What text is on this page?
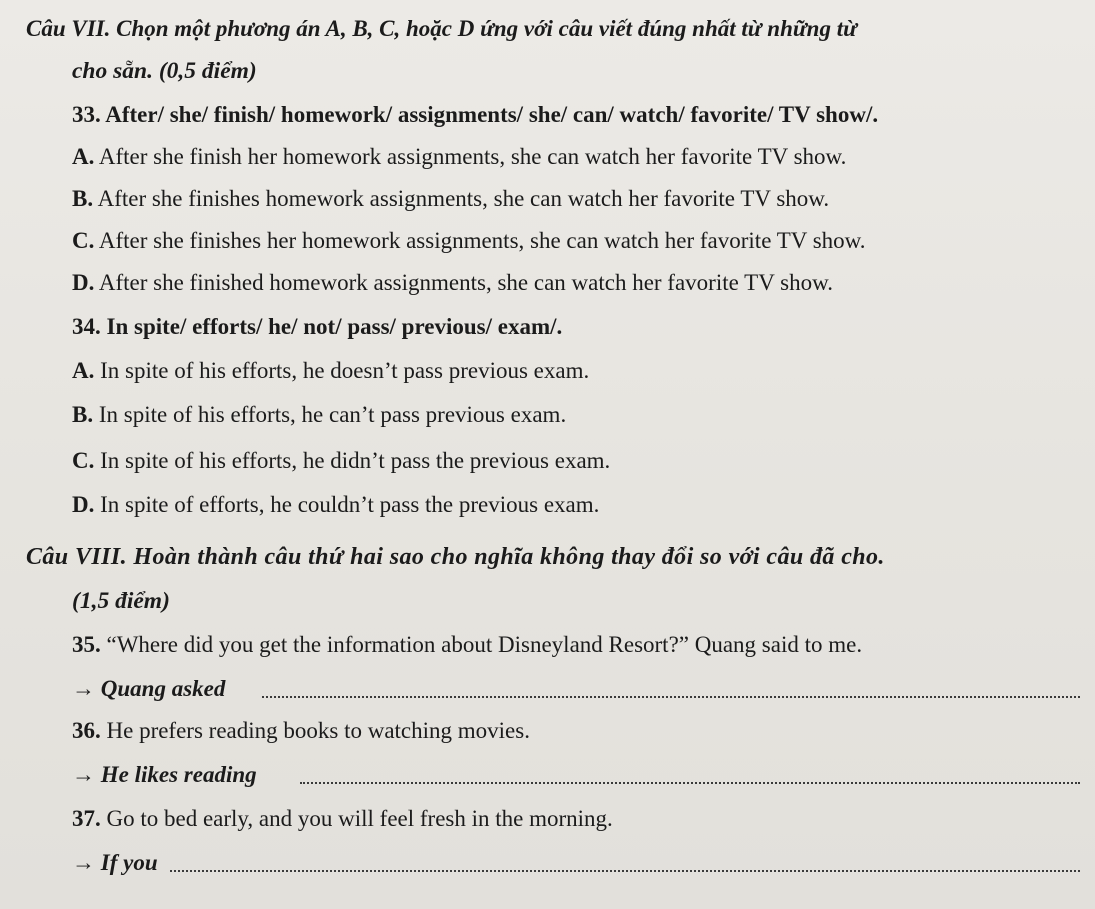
Câu VII. Chọn một phương án A, B, C, hoặc D ứng với câu viết đúng nhất từ những từ
cho sẵn. (0,5 điểm)
33. After/ she/ finish/ homework/ assignments/ she/ can/ watch/ favorite/ TV show/.
A. After she finish her homework assignments, she can watch her favorite TV show.
B. After she finishes homework assignments, she can watch her favorite TV show.
C. After she finishes her homework assignments, she can watch her favorite TV show.
D. After she finished homework assignments, she can watch her favorite TV show.
34. In spite/ efforts/ he/ not/ pass/ previous/ exam/.
A. In spite of his efforts, he doesn’t pass previous exam.
B. In spite of his efforts, he can’t pass previous exam.
C. In spite of his efforts, he didn’t pass the previous exam.
D. In spite of efforts, he couldn’t pass the previous exam.
Câu VIII. Hoàn thành câu thứ hai sao cho nghĩa không thay đổi so với câu đã cho.
(1,5 điểm)
35. “Where did you get the information about Disneyland Resort?” Quang said to me.
→ Quang asked
36. He prefers reading books to watching movies.
→ He likes reading
37. Go to bed early, and you will feel fresh in the morning.
→ If you
